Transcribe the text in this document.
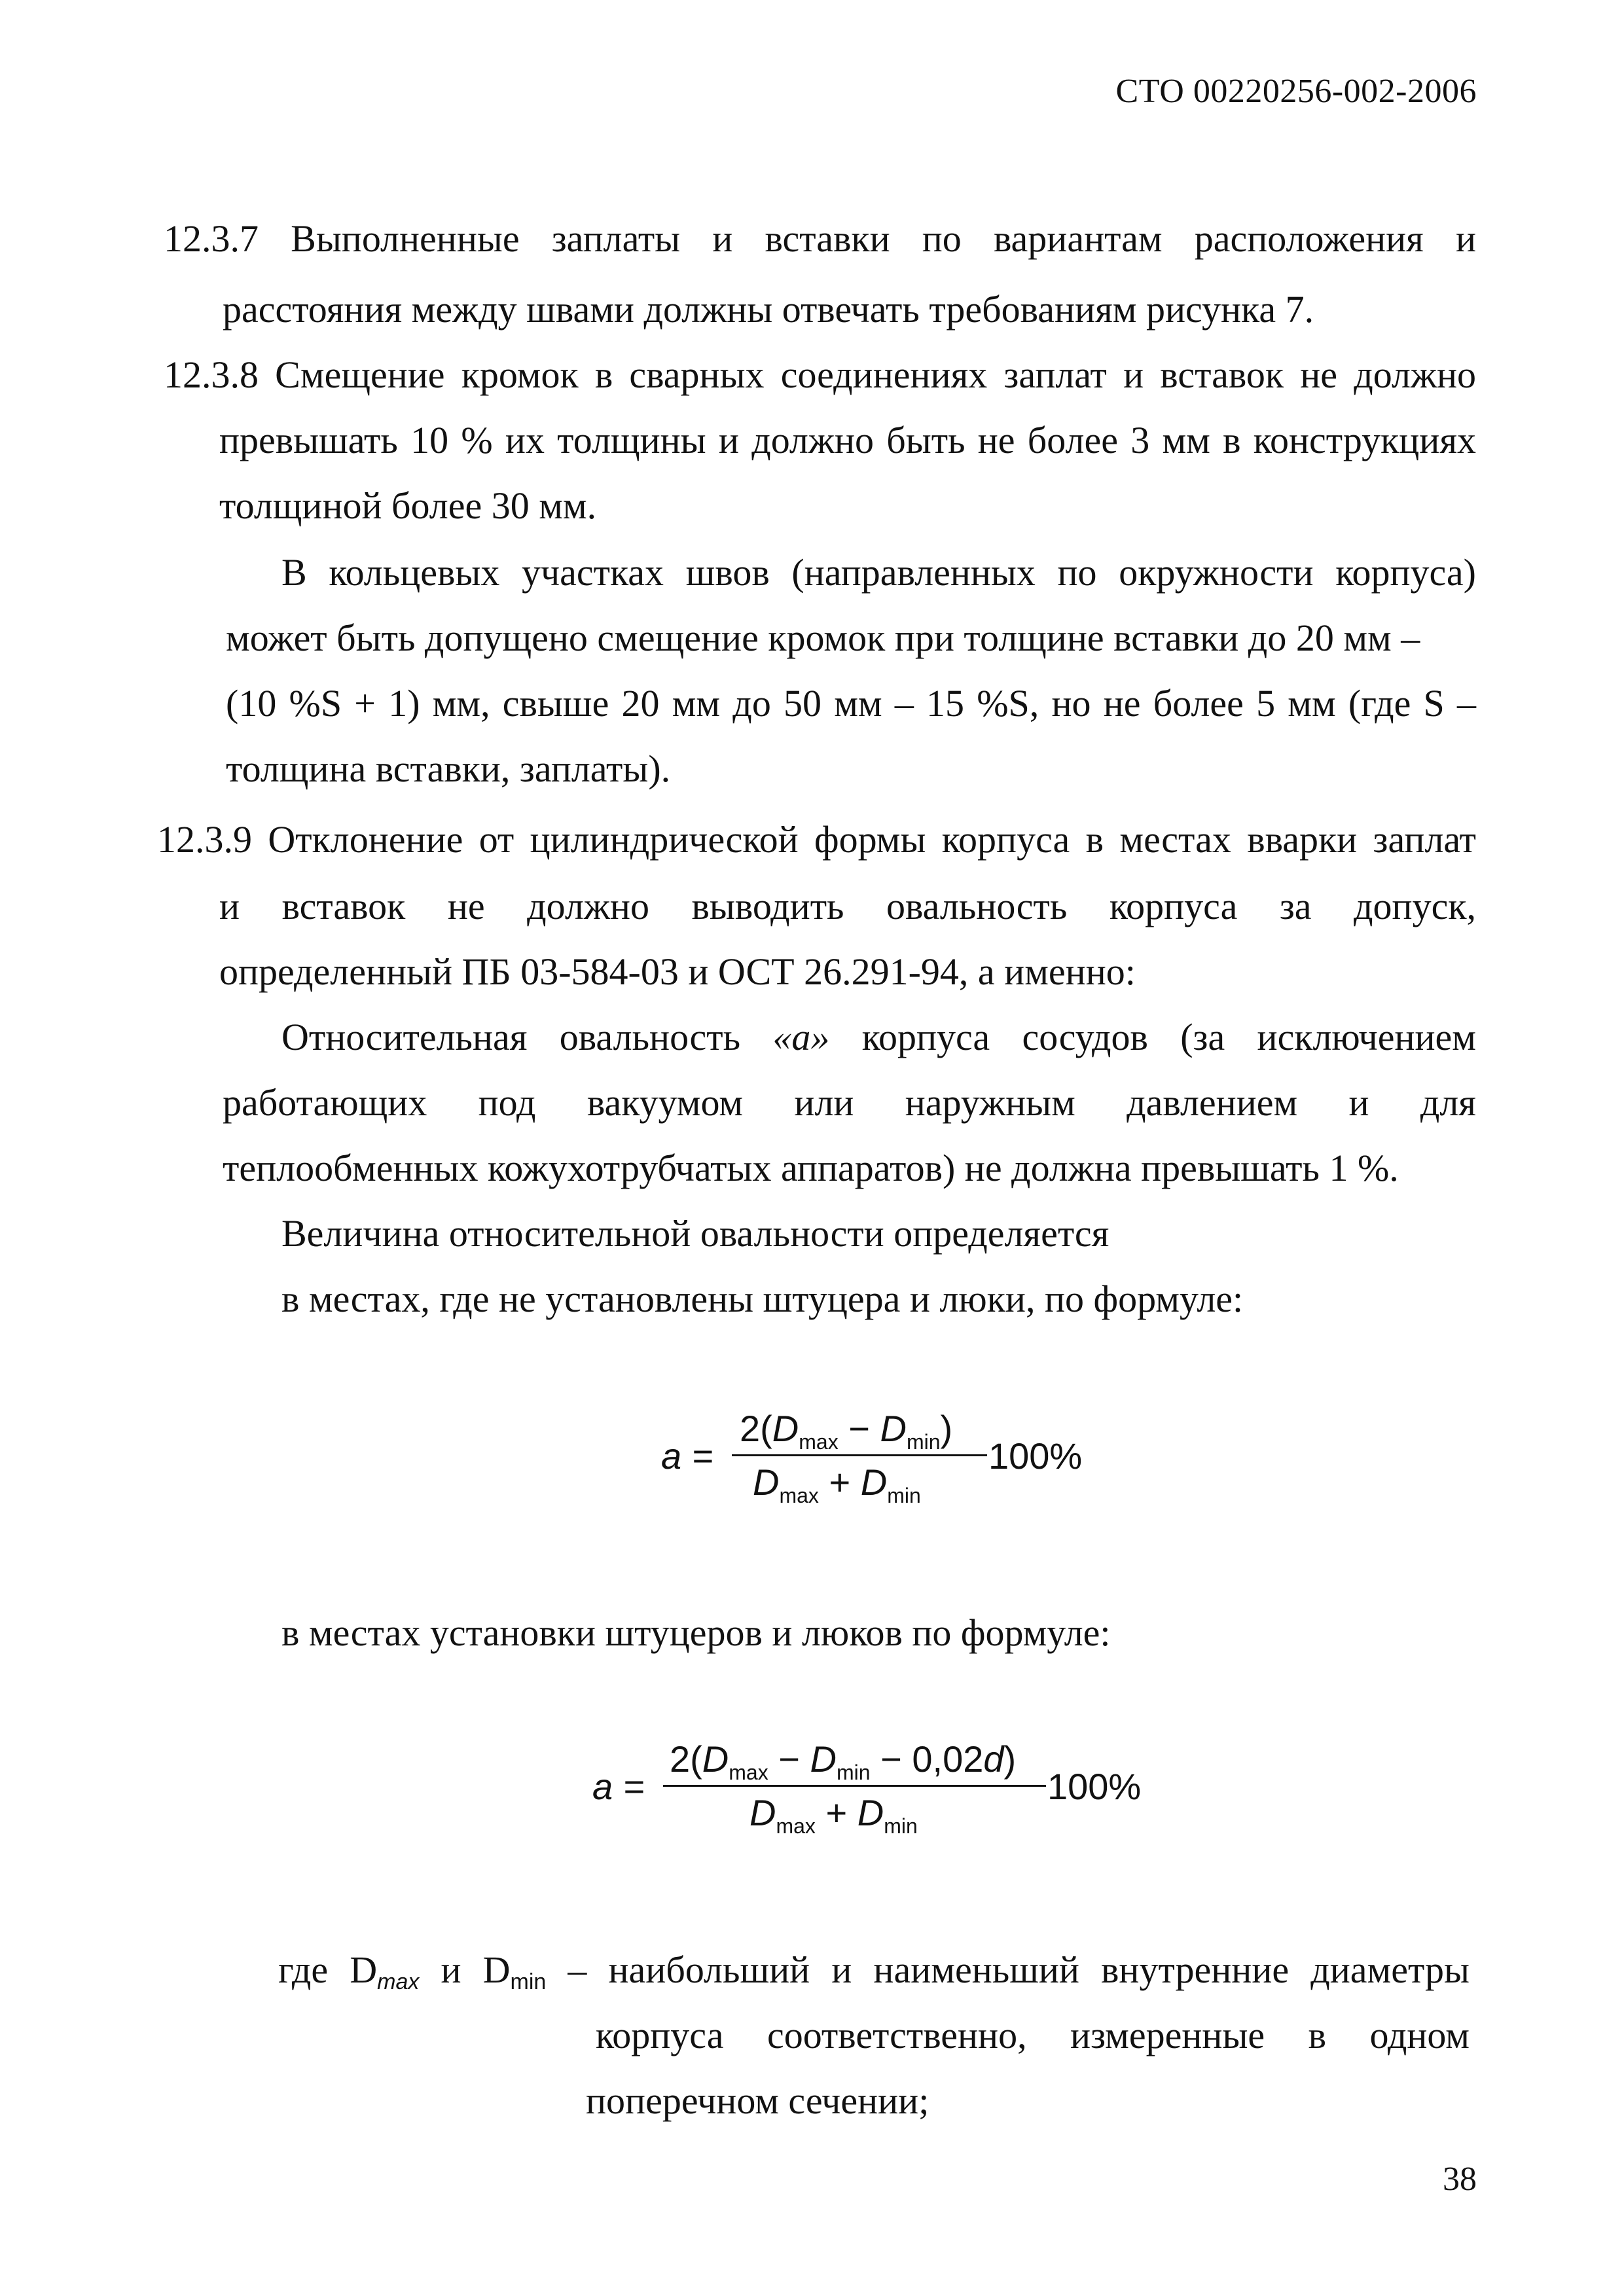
СТО 00220256-002-2006
12.3.7 Выполненные заплаты и вставки по вариантам расположения и
расстояния между швами должны отвечать требованиям рисунка 7.
12.3.8 Смещение кромок в сварных соединениях заплат и вставок не должно
превышать 10 % их толщины и должно быть не более 3 мм в конструкциях
толщиной более 30 мм.
В кольцевых участках швов (направленных по окружности корпуса)
может быть допущено смещение кромок при толщине вставки до 20 мм –
(10 %S + 1) мм, свыше 20 мм до 50 мм – 15 %S, но не более 5 мм (где S –
толщина вставки, заплаты).
12.3.9 Отклонение от цилиндрической формы корпуса в местах вварки заплат
и вставок не должно выводить овальность корпуса за допуск,
определенный ПБ 03-584-03 и ОСТ 26.291-94, а именно:
Относительная овальность «а» корпуса сосудов (за исключением
работающих под вакуумом или наружным давлением и для
теплообменных кожухотрубчатых аппаратов) не должна превышать 1 %.
Величина относительной овальности определяется
в местах, где не установлены штуцера и люки, по формуле:
a =
$2(D_{max} - D_{min})$
$D_{max} + D_{min}$
100%
в местах установки штуцеров и люков по формуле:
a =
$2(D_{max} - D_{min} - 0,02d)$
$D_{max} + D_{min}$
100%
где Dmax и Dmin – наибольший и наименьший внутренние диаметры
корпуса соответственно, измеренные в одном
поперечном сечении;
38
